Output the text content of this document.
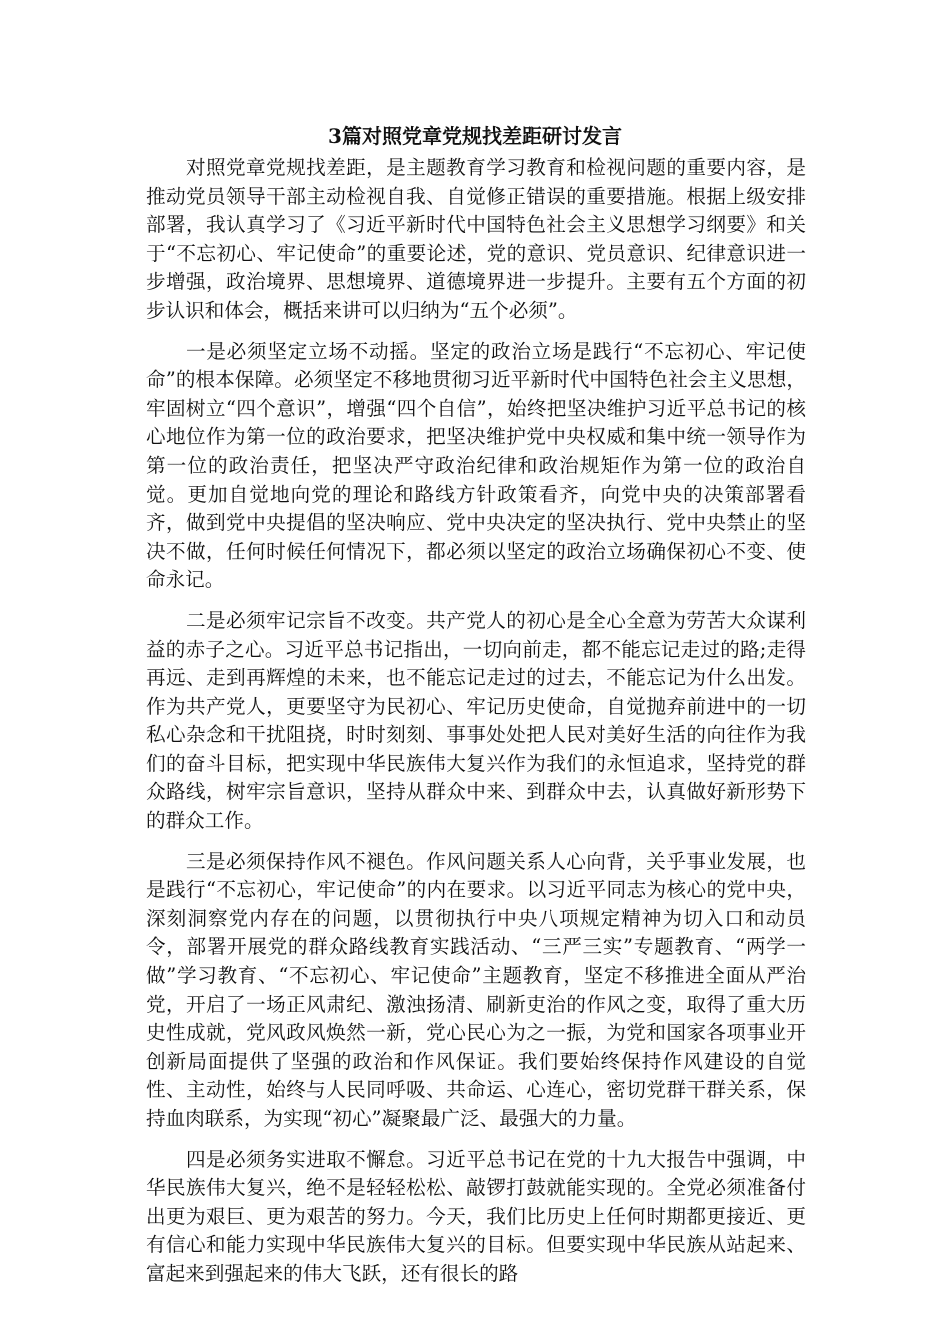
3篇对照党章党规找差距研讨发言

对照党章党规找差距，是主题教育学习教育和检视问题的重要内容，是推动党员领导干部主动检视自我、自觉修正错误的重要措施。根据上级安排部署，我认真学习了《习近平新时代中国特色社会主义思想学习纲要》和关于“不忘初心、牢记使命”的重要论述，党的意识、党员意识、纪律意识进一步增强，政治境界、思想境界、道德境界进一步提升。主要有五个方面的初步认识和体会，概括来讲可以归纳为“五个必须”。

一是必须坚定立场不动摇。坚定的政治立场是践行“不忘初心、牢记使命”的根本保障。必须坚定不移地贯彻习近平新时代中国特色社会主义思想，牢固树立“四个意识”，增强“四个自信”，始终把坚决维护习近平总书记的核心地位作为第一位的政治要求，把坚决维护党中央权威和集中统一领导作为第一位的政治责任，把坚决严守政治纪律和政治规矩作为第一位的政治自觉。更加自觉地向党的理论和路线方针政策看齐，向党中央的决策部署看齐，做到党中央提倡的坚决响应、党中央决定的坚决执行、党中央禁止的坚决不做，任何时候任何情况下，都必须以坚定的政治立场确保初心不变、使命永记。

二是必须牢记宗旨不改变。共产党人的初心是全心全意为劳苦大众谋利益的赤子之心。习近平总书记指出，一切向前走，都不能忘记走过的路;走得再远、走到再辉煌的未来，也不能忘记走过的过去，不能忘记为什么出发。作为共产党人，更要坚守为民初心、牢记历史使命，自觉抛弃前进中的一切私心杂念和干扰阻挠，时时刻刻、事事处处把人民对美好生活的向往作为我们的奋斗目标，把实现中华民族伟大复兴作为我们的永恒追求，坚持党的群众路线，树牢宗旨意识，坚持从群众中来、到群众中去，认真做好新形势下的群众工作。

三是必须保持作风不褪色。作风问题关系人心向背，关乎事业发展，也是践行“不忘初心，牢记使命”的内在要求。以习近平同志为核心的党中央，深刻洞察党内存在的问题，以贯彻执行中央八项规定精神为切入口和动员令，部署开展党的群众路线教育实践活动、“三严三实”专题教育、“两学一做”学习教育、“不忘初心、牢记使命”主题教育，坚定不移推进全面从严治党，开启了一场正风肃纪、激浊扬清、刷新吏治的作风之变，取得了重大历史性成就，党风政风焕然一新，党心民心为之一振，为党和国家各项事业开创新局面提供了坚强的政治和作风保证。我们要始终保持作风建设的自觉性、主动性，始终与人民同呼吸、共命运、心连心，密切党群干群关系，保持血肉联系，为实现“初心”凝聚最广泛、最强大的力量。

四是必须务实进取不懈怠。习近平总书记在党的十九大报告中强调，中华民族伟大复兴，绝不是轻轻松松、敲锣打鼓就能实现的。全党必须准备付出更为艰巨、更为艰苦的努力。今天，我们比历史上任何时期都更接近、更有信心和能力实现中华民族伟大复兴的目标。但要实现中华民族从站起来、富起来到强起来的伟大飞跃，还有很长的路
